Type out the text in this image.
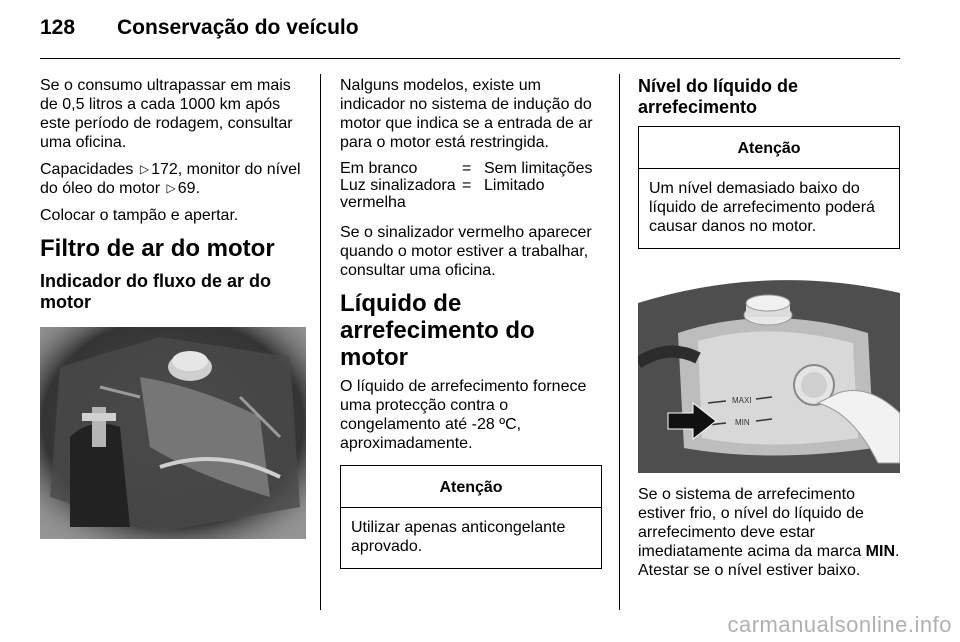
128 Conservação do veículo

Se o consumo ultrapassar em mais de 0,5 litros a cada 1000 km após este período de rodagem, consultar uma oficina.

Capacidades ▷ 172, monitor do nível do óleo do motor ▷ 69.

Colocar o tampão e apertar.

Filtro de ar do motor
Indicador do fluxo de ar do motor

Nalguns modelos, existe um indicador no sistema de indução do motor que indica se a entrada de ar para o motor está restringida.

Em branco	= Sem limitações
Luz sinalizadora vermelha
= Limitado

Se o sinalizador vermelho aparecer quando o motor estiver a trabalhar, consultar uma oficina.

Líquido de arrefecimento do motor

O líquido de arrefecimento fornece uma protecção contra o congelamento até -28 ºC, aproximadamente.

Atenção
Utilizar apenas anticongelante aprovado.
Nível do líquido de arrefecimento
Atenção
Um nível demasiado baixo do líquido de arrefecimento poderá causar danos no motor.
MAXI
MIN

Se o sistema de arrefecimento estiver frio, o nível do líquido de arrefecimento deve estar imediatamente acima da marca MIN. Atestar se o nível estiver baixo.

carmanualsonline.info
